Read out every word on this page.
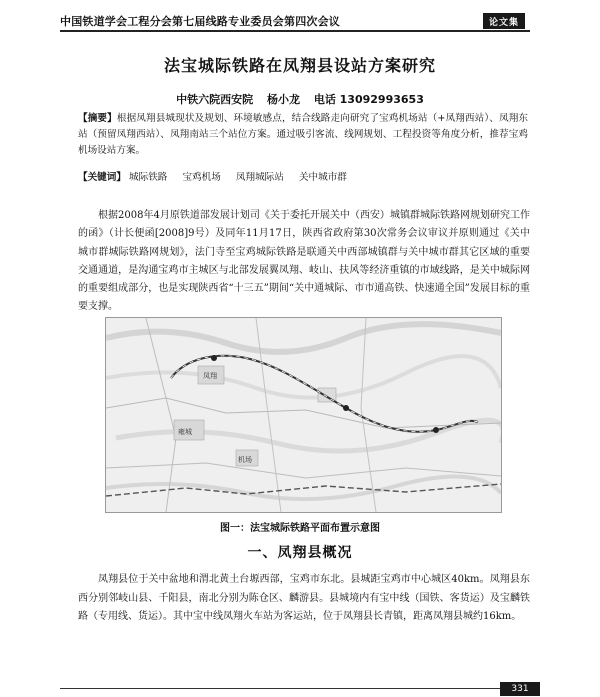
中国铁道学会工程分会第七届线路专业委员会第四次会议	论文集
法宝城际铁路在凤翔县设站方案研究
中铁六院西安院 杨小龙 电话 13092993653
【摘要】根据凤翔县城现状及规划、环境敏感点，结合线路走向研究了宝鸡机场站（+凤翔西站）、凤翔东站（预留凤翔西站）、凤翔南站三个站位方案。通过吸引客流、线网规划、工程投资等角度分析，推荐宝鸡机场设站方案。
【关键词】 城际铁路 宝鸡机场 凤翔城际站 关中城市群
根据2008年4月原铁道部发展计划司《关于委托开展关中（西安）城镇群城际铁路网规划研究工作的函》（计长便函[2008]9号）及同年11月17日，陕西省政府第30次常务会议审议并原则通过《关中城市群城际铁路网规划》，法门寺至宝鸡城际铁路是联通关中西部城镇群与关中城市群其它区域的重要交通通道，是沟通宝鸡市主城区与北部发展翼凤翔、岐山、扶风等经济重镇的市域线路，是关中城际网的重要组成部分，也是实现陕西省“十三五”期间“关中通城际、市市通高铁、快速通全国”发展目标的重要支撑。
凤翔
雍城
机场
图一：法宝城际铁路平面布置示意图
一、凤翔县概况
凤翔县位于关中盆地和渭北黄土台塬西部，宝鸡市东北。县城距宝鸡市中心城区40km。凤翔县东西分别邻岐山县、千阳县，南北分别为陈仓区、麟游县。县城境内有宝中线（国铁、客货运）及宝麟铁路（专用线、货运）。其中宝中线凤翔火车站为客运站，位于凤翔县长青镇，距离凤翔县城约16km。
331
